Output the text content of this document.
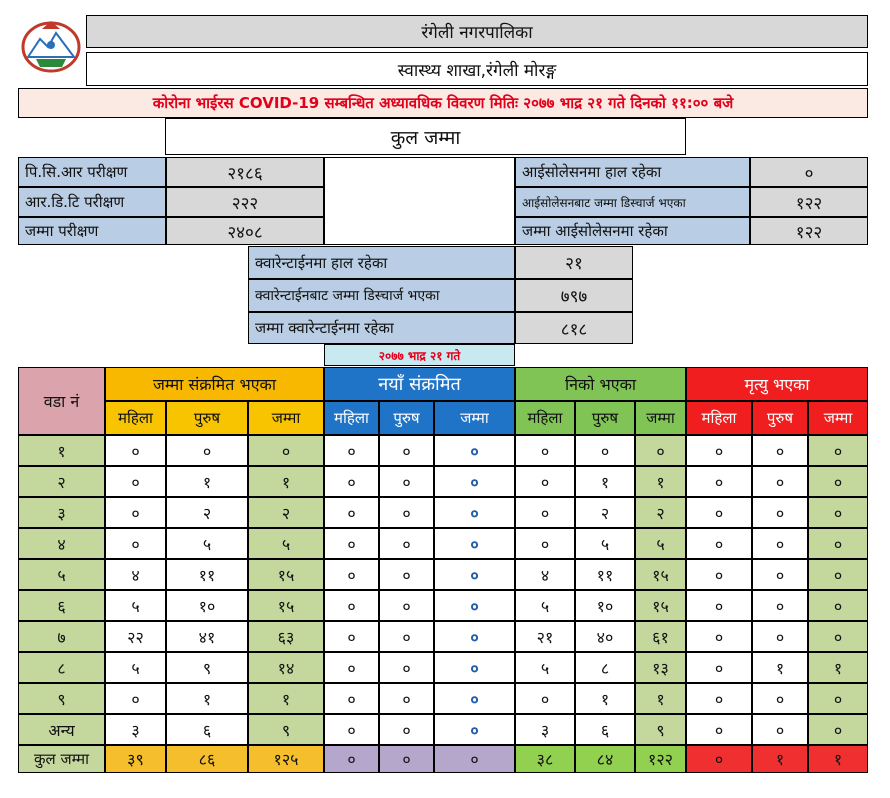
रंगेली नगरपालिका
स्वास्थ्य शाखा,रंगेली मोरङ्ग
कोरोना भाईरस COVID-19 सम्बन्धित अध्यावधिक विवरण मितिः २०७७ भाद्र २१ गते दिनको ११:०० बजे
कुल जम्मा
पि.सि.आर परीक्षण	२१८६
आर.डि.टि परीक्षण	२२२
जम्मा परीक्षण	२४०८
आईसोलेसनमा हाल रहेका	०
आईसोलेसनबाट जम्मा डिस्चार्ज भएका	१२२
जम्मा आईसोलेसनमा रहेका	१२२
क्वारेन्टाईनमा हाल रहेका	२१
क्वारेन्टाईनबाट जम्मा डिस्चार्ज भएका	७९७
जम्मा क्वारेन्टाईनमा रहेका	८१८
२०७७ भाद्र २१ गते
वडा नं
जम्मा संक्रमित भएका	नयाँ संक्रमित	निको भएका	मृत्यु भएका
महिला	पुरुष	जम्मा	महिला	पुरुष	जम्मा	महिला	पुरुष	जम्मा	महिला	पुरुष	जम्मा
१	०	०	०	०	०	०	०	०	०	०	०	०
२	०	१	१	०	०	०	०	१	१	०	०	०
३	०	२	२	०	०	०	०	२	२	०	०	०
४	०	५	५	०	०	०	०	५	५	०	०	०
५	४	११	१५	०	०	०	४	११	१५	०	०	०
६	५	१०	१५	०	०	०	५	१०	१५	०	०	०
७	२२	४१	६३	०	०	०	२१	४०	६१	०	०	०
८	५	९	१४	०	०	०	५	८	१३	०	१	१
९	०	१	१	०	०	०	०	१	१	०	०	०
अन्य	३	६	९	०	०	०	३	६	९	०	०	०
कुल जम्मा	३९	८६	१२५	०	०	०	३८	८४	१२२	०	१	१
